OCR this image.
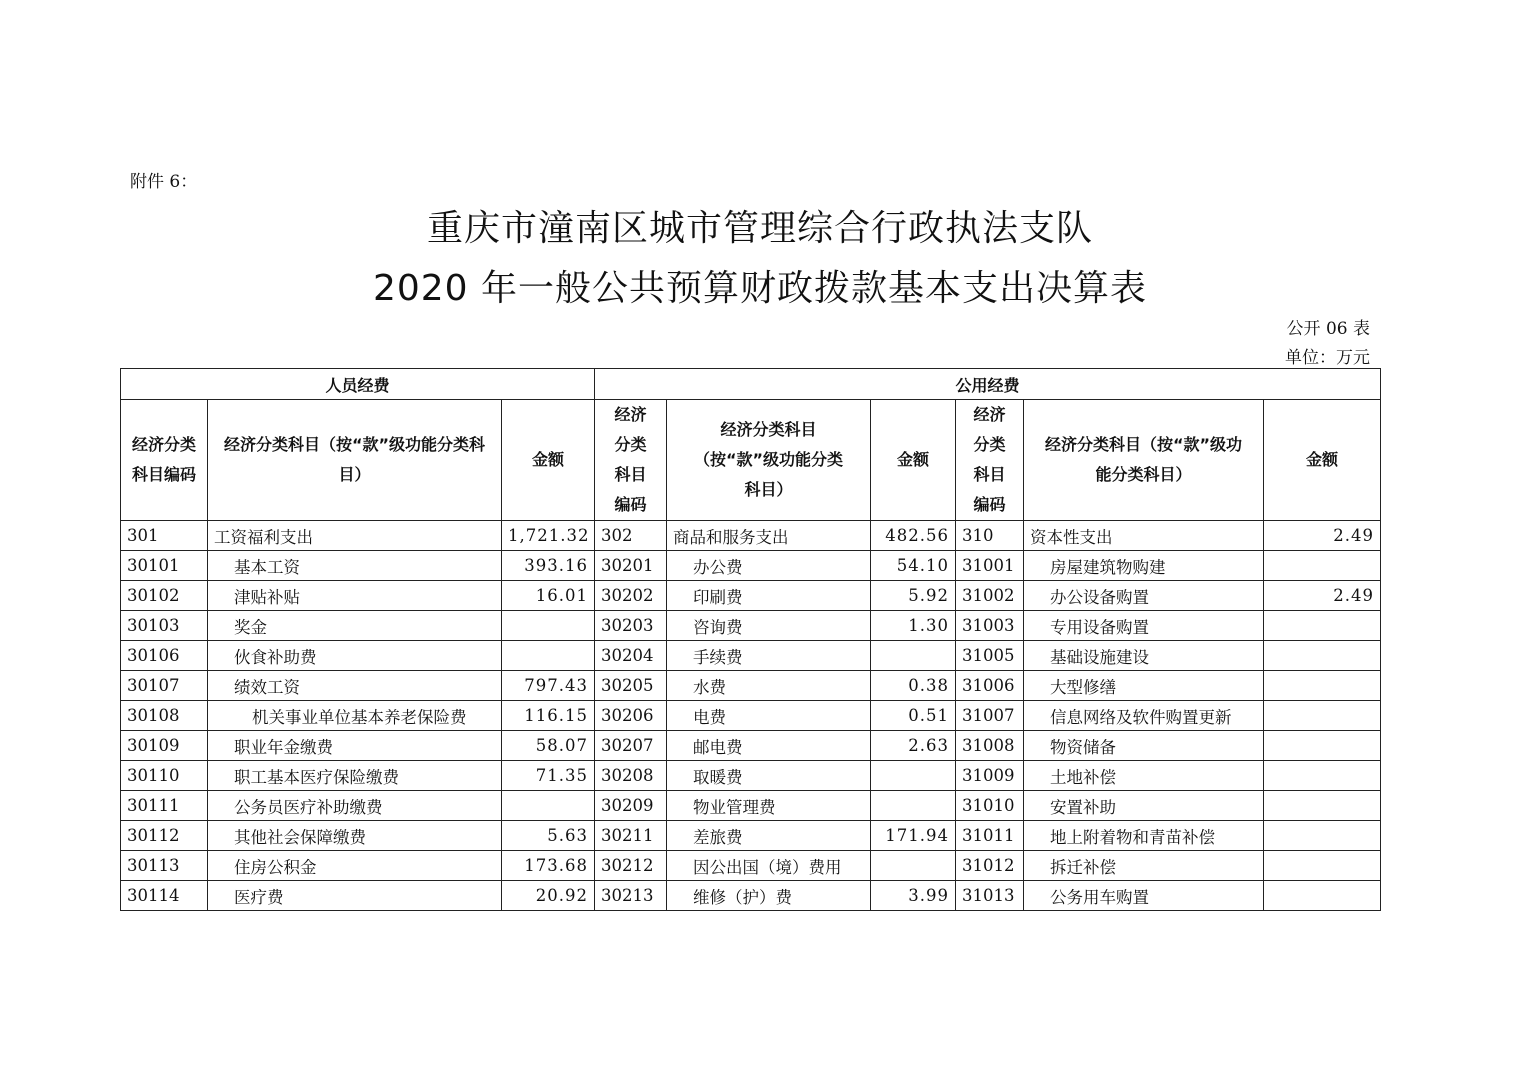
附件 6：
重庆市潼南区城市管理综合行政执法支队
2020 年一般公共预算财政拨款基本支出决算表
公开 06 表
单位：万元
人员经费			公用经费					
经济分类科目编码	经济分类科目（按“款”级功能分类科目）	金额	经济分类科目编码	经济分类科目（按“款”级功能分类科目）	金额	经济分类科目编码	经济分类科目（按“款”级功能分类科目）	金额
301	工资福利支出	1,721.32	302	商品和服务支出	482.56	310	资本性支出	2.49
30101	基本工资	393.16	30201	办公费	54.10	31001	房屋建筑物购建	
30102	津贴补贴	16.01	30202	印刷费	5.92	31002	办公设备购置	2.49
30103	奖金		30203	咨询费	1.30	31003	专用设备购置	
30106	伙食补助费		30204	手续费		31005	基础设施建设	
30107	绩效工资	797.43	30205	水费	0.38	31006	大型修缮	
30108	机关事业单位基本养老保险费	116.15	30206	电费	0.51	31007	信息网络及软件购置更新	
30109	职业年金缴费	58.07	30207	邮电费	2.63	31008	物资储备	
30110	职工基本医疗保险缴费	71.35	30208	取暖费		31009	土地补偿	
30111	公务员医疗补助缴费		30209	物业管理费		31010	安置补助	
30112	其他社会保障缴费	5.63	30211	差旅费	171.94	31011	地上附着物和青苗补偿	
30113	住房公积金	173.68	30212	因公出国（境）费用		31012	拆迁补偿	
30114	医疗费	20.92	30213	维修（护）费	3.99	31013	公务用车购置	
